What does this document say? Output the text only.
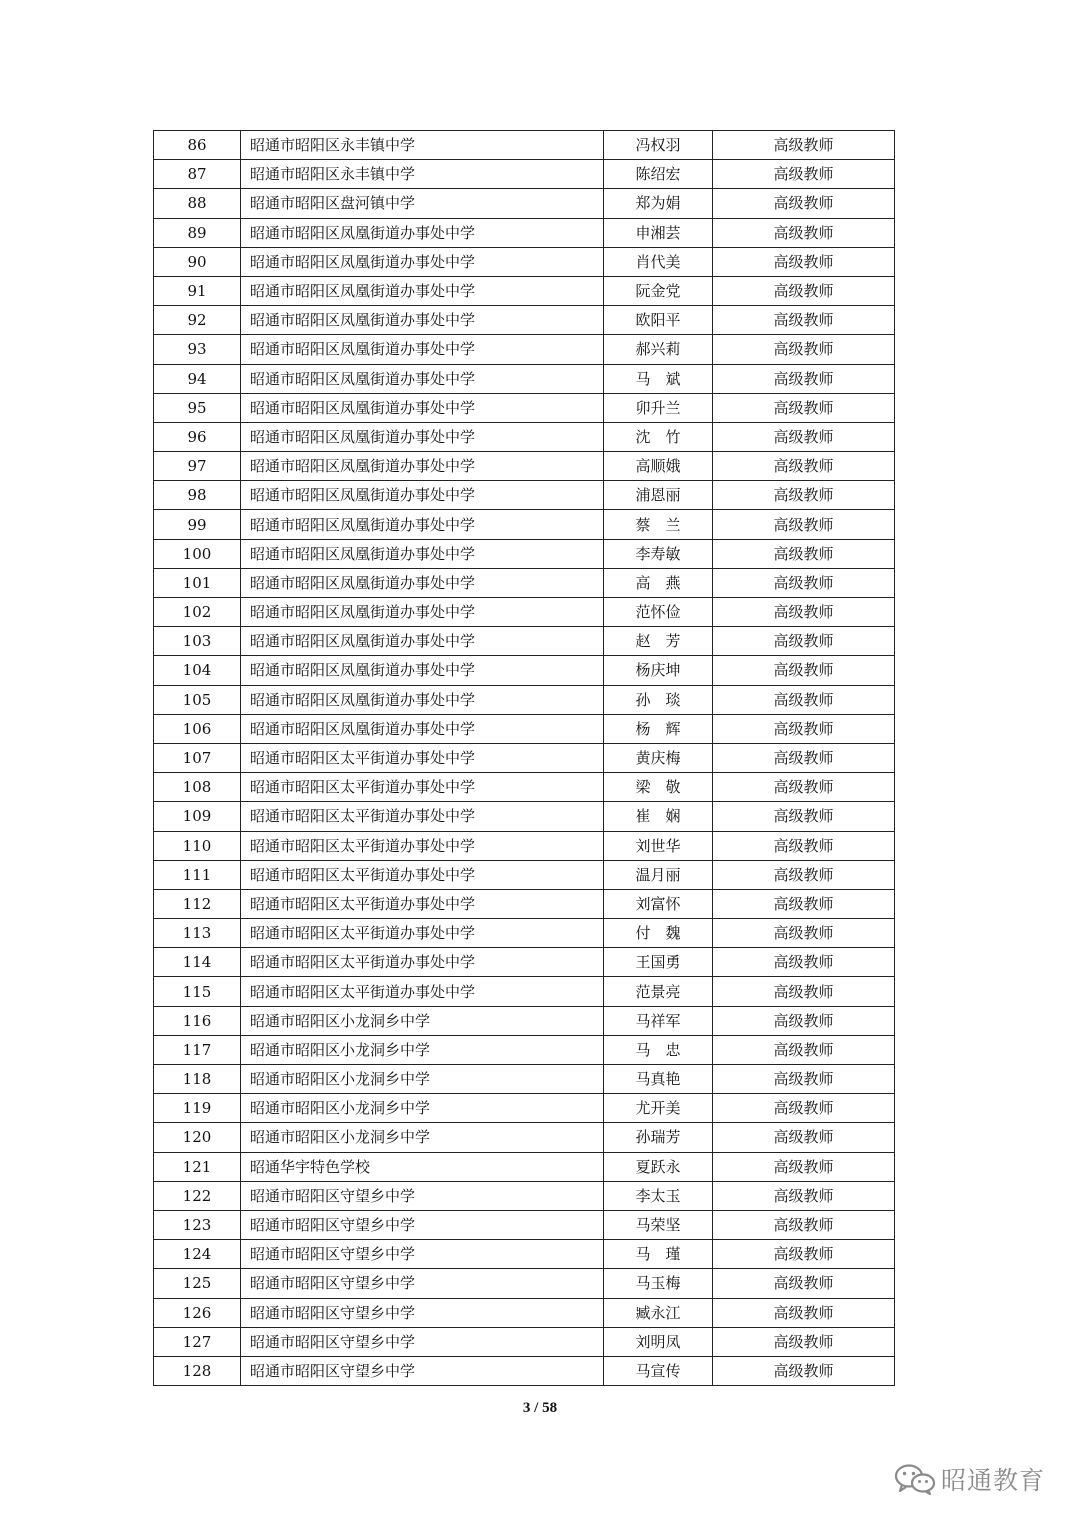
86	昭通市昭阳区永丰镇中学	冯权羽	高级教师
87	昭通市昭阳区永丰镇中学	陈绍宏	高级教师
88	昭通市昭阳区盘河镇中学	郑为娟	高级教师
89	昭通市昭阳区凤凰街道办事处中学	申湘芸	高级教师
90	昭通市昭阳区凤凰街道办事处中学	肖代美	高级教师
91	昭通市昭阳区凤凰街道办事处中学	阮金党	高级教师
92	昭通市昭阳区凤凰街道办事处中学	欧阳平	高级教师
93	昭通市昭阳区凤凰街道办事处中学	郝兴莉	高级教师
94	昭通市昭阳区凤凰街道办事处中学	马　斌	高级教师
95	昭通市昭阳区凤凰街道办事处中学	卯升兰	高级教师
96	昭通市昭阳区凤凰街道办事处中学	沈　竹	高级教师
97	昭通市昭阳区凤凰街道办事处中学	高顺娥	高级教师
98	昭通市昭阳区凤凰街道办事处中学	浦恩丽	高级教师
99	昭通市昭阳区凤凰街道办事处中学	蔡　兰	高级教师
100	昭通市昭阳区凤凰街道办事处中学	李寿敏	高级教师
101	昭通市昭阳区凤凰街道办事处中学	高　燕	高级教师
102	昭通市昭阳区凤凰街道办事处中学	范怀俭	高级教师
103	昭通市昭阳区凤凰街道办事处中学	赵　芳	高级教师
104	昭通市昭阳区凤凰街道办事处中学	杨庆坤	高级教师
105	昭通市昭阳区凤凰街道办事处中学	孙　琰	高级教师
106	昭通市昭阳区凤凰街道办事处中学	杨　辉	高级教师
107	昭通市昭阳区太平街道办事处中学	黄庆梅	高级教师
108	昭通市昭阳区太平街道办事处中学	梁　敬	高级教师
109	昭通市昭阳区太平街道办事处中学	崔　娴	高级教师
110	昭通市昭阳区太平街道办事处中学	刘世华	高级教师
111	昭通市昭阳区太平街道办事处中学	温月丽	高级教师
112	昭通市昭阳区太平街道办事处中学	刘富怀	高级教师
113	昭通市昭阳区太平街道办事处中学	付　魏	高级教师
114	昭通市昭阳区太平街道办事处中学	王国勇	高级教师
115	昭通市昭阳区太平街道办事处中学	范景亮	高级教师
116	昭通市昭阳区小龙洞乡中学	马祥军	高级教师
117	昭通市昭阳区小龙洞乡中学	马　忠	高级教师
118	昭通市昭阳区小龙洞乡中学	马真艳	高级教师
119	昭通市昭阳区小龙洞乡中学	尤开美	高级教师
120	昭通市昭阳区小龙洞乡中学	孙瑞芳	高级教师
121	昭通华宇特色学校	夏跃永	高级教师
122	昭通市昭阳区守望乡中学	李太玉	高级教师
123	昭通市昭阳区守望乡中学	马荣坚	高级教师
124	昭通市昭阳区守望乡中学	马　瑾	高级教师
125	昭通市昭阳区守望乡中学	马玉梅	高级教师
126	昭通市昭阳区守望乡中学	臧永江	高级教师
127	昭通市昭阳区守望乡中学	刘明凤	高级教师
128	昭通市昭阳区守望乡中学	马宣传	高级教师
3 / 58
昭通教育
